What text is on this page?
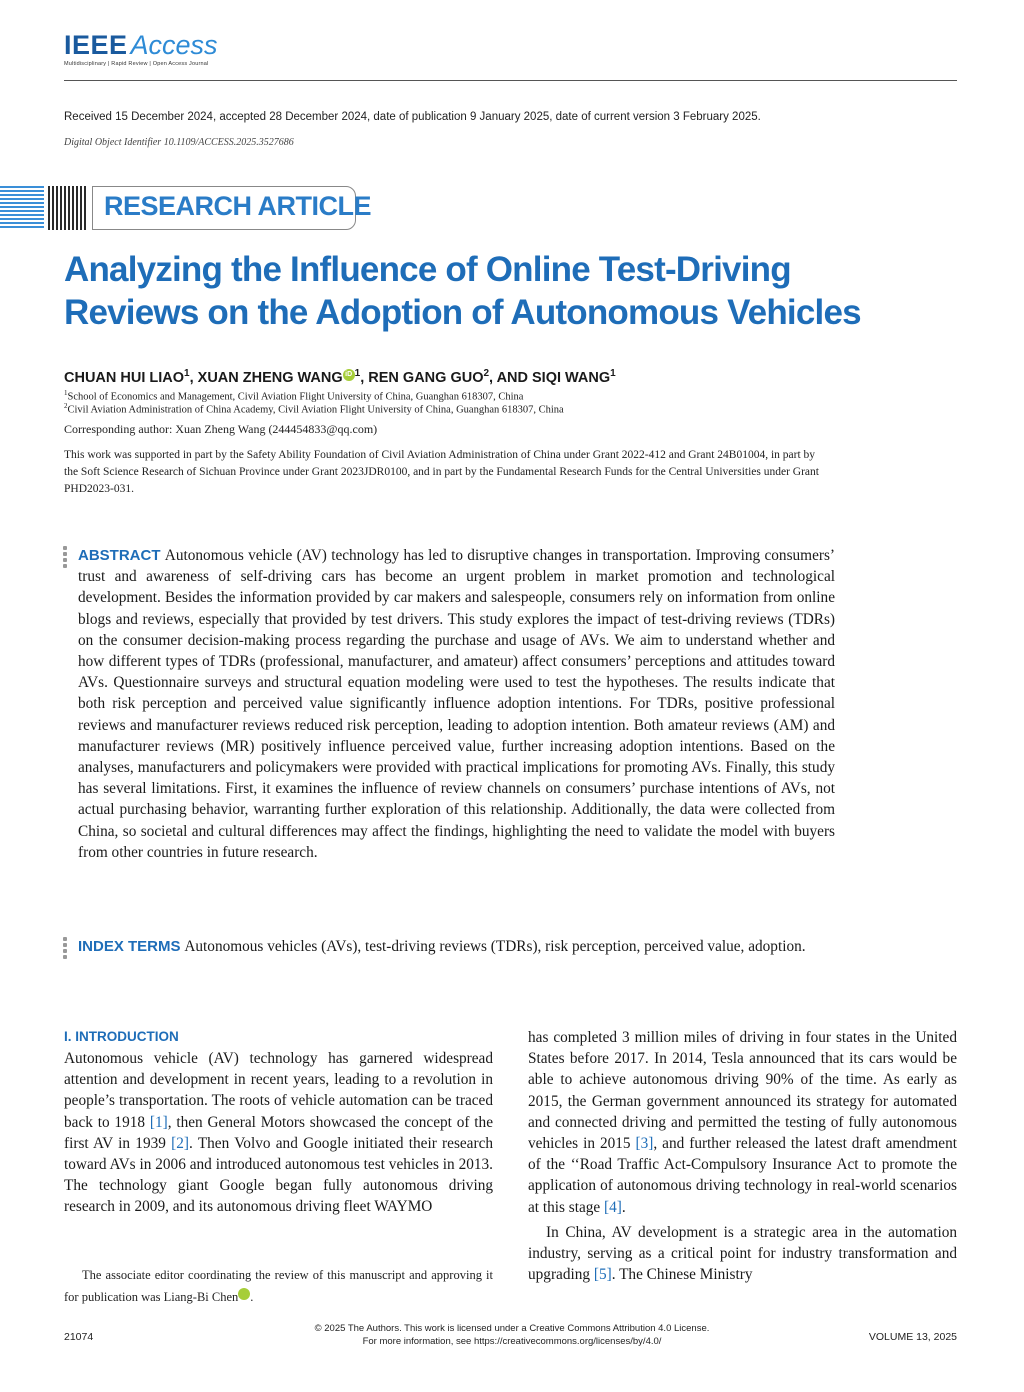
IEEE Access
Multidisciplinary | Rapid Review | Open Access Journal
Received 15 December 2024, accepted 28 December 2024, date of publication 9 January 2025, date of current version 3 February 2025.
Digital Object Identifier 10.1109/ACCESS.2025.3527686
RESEARCH ARTICLE
Analyzing the Influence of Online Test-Driving Reviews on the Adoption of Autonomous Vehicles
CHUAN HUI LIAO$^1$, XUAN ZHENG WANG iD $^1$, REN GANG GUO$^2$, AND SIQI WANG$^1$
$^1$School of Economics and Management, Civil Aviation Flight University of China, Guanghan 618307, China
$^2$Civil Aviation Administration of China Academy, Civil Aviation Flight University of China, Guanghan 618307, China
Corresponding author: Xuan Zheng Wang (244454833@qq.com)
This work was supported in part by the Safety Ability Foundation of Civil Aviation Administration of China under Grant 2022-412 and Grant 24B01004, in part by the Soft Science Research of Sichuan Province under Grant 2023JDR0100, and in part by the Fundamental Research Funds for the Central Universities under Grant PHD2023-031.
ABSTRACT Autonomous vehicle (AV) technology has led to disruptive changes in transportation. Improving consumers’ trust and awareness of self-driving cars has become an urgent problem in market promotion and technological development. Besides the information provided by car makers and salespeople, consumers rely on information from online blogs and reviews, especially that provided by test drivers. This study explores the impact of test-driving reviews (TDRs) on the consumer decision-making process regarding the purchase and usage of AVs. We aim to understand whether and how different types of TDRs (professional, manufacturer, and amateur) affect consumers’ perceptions and attitudes toward AVs. Questionnaire surveys and structural equation modeling were used to test the hypotheses. The results indicate that both risk perception and perceived value significantly influence adoption intentions. For TDRs, positive professional reviews and manufacturer reviews reduced risk perception, leading to adoption intention. Both amateur reviews (AM) and manufacturer reviews (MR) positively influence perceived value, further increasing adoption intentions. Based on the analyses, manufacturers and policymakers were provided with practical implications for promoting AVs. Finally, this study has several limitations. First, it examines the influence of review channels on consumers’ purchase intentions of AVs, not actual purchasing behavior, warranting further exploration of this relationship. Additionally, the data were collected from China, so societal and cultural differences may affect the findings, highlighting the need to validate the model with buyers from other countries in future research.
INDEX TERMS Autonomous vehicles (AVs), test-driving reviews (TDRs), risk perception, perceived value, adoption.
I. INTRODUCTION

Autonomous vehicle (AV) technology has garnered widespread attention and development in recent years, leading to a revolution in people’s transportation. The roots of vehicle automation can be traced back to 1918 [1], then General Motors showcased the concept of the first AV in 1939 [2]. Then Volvo and Google initiated their research toward AVs in 2006 and introduced autonomous test vehicles in 2013. The technology giant Google began fully autonomous driving research in 2009, and its autonomous driving fleet WAYMO

The associate editor coordinating the review of this manuscript and approving it for publication was Liang-Bi Chen	iD.

has completed 3 million miles of driving in four states in the United States before 2017. In 2014, Tesla announced that its cars would be able to achieve autonomous driving 90% of the time. As early as 2015, the German government announced its strategy for automated and connected driving and permitted the testing of fully autonomous vehicles in 2015 [3], and further released the latest draft amendment of the ‘‘Road Traffic Act-Compulsory Insurance Act to promote the application of autonomous driving technology in real-world scenarios at this stage [4].

In China, AV development is a strategic area in the automation industry, serving as a critical point for industry transformation and upgrading [5]. The Chinese Ministry

21074
© 2025 The Authors. This work is licensed under a Creative Commons Attribution 4.0 License.
For more information, see https://creativecommons.org/licenses/by/4.0/	VOLUME 13, 2025
